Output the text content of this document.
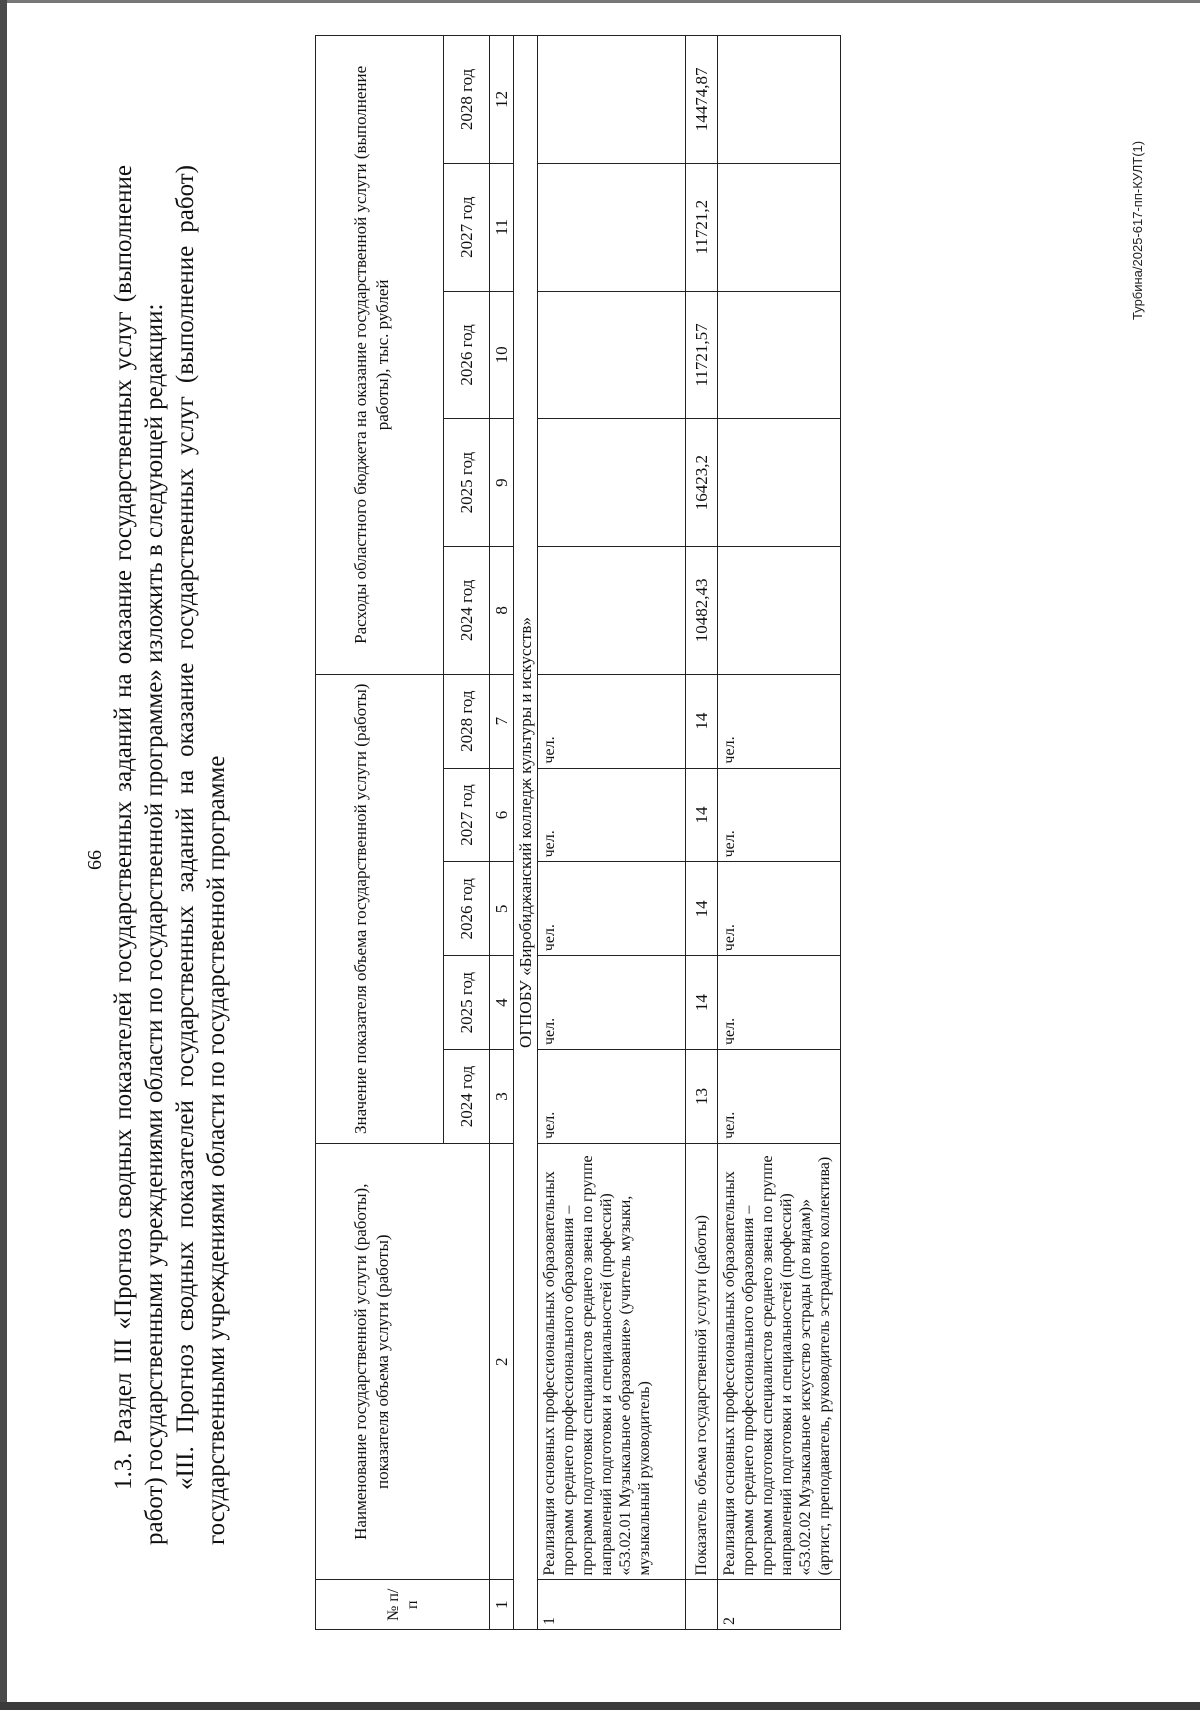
66 1.3. Раздел III «Прогноз сводных показателей государственных заданий на оказание государственных услуг (выполнение работ) государственными учреждениями области по государственной программе» изложить в следующей редакции: «III. Прогноз сводных показателей государственных заданий на оказание государственных услуг (выполнение работ) государственными учреждениями области по государственной программе

№ п/п	Наименование государственной услуги (работы), показателя объема услуги (работы)	Значение показателя объема государственной услуги (работы)					Расходы областного бюджета на оказание государственной услуги (выполнение работы), тыс. рублей				
		2024 год	2025 год	2026 год	2027 год	2028 год	2024 год	2025 год	2026 год	2027 год	2028 год
1	2	3	4	5	6	7	8	9	10	11	12
ОГПОБУ «Биробиджанский колледж культуры и искусств»											
1	Реализация основных профессиональных образовательных программ среднего профессионального образования – программ подготовки специалистов среднего звена по группе направлений подготовки и специальностей (профессий) «53.02.01 Музыкальное образование» (учитель музыки, музыкальный руководитель)	чел.	чел.	чел.	чел.	чел.					
	Показатель объема государственной услуги (работы)	13	14	14	14	14	10482,43	16423,2	11721,57	11721,2	14474,87
2	Реализация основных профессиональных образовательных программ среднего профессионального образования – программ подготовки специалистов среднего звена по группе направлений подготовки и специальностей (профессий) «53.02.02 Музыкальное искусство эстрады (по видам)» (артист, преподаватель, руководитель эстрадного коллектива)	чел.	чел.	чел.	чел.	чел.					
Турбина/2025-617-пп-КУЛТ(1)
